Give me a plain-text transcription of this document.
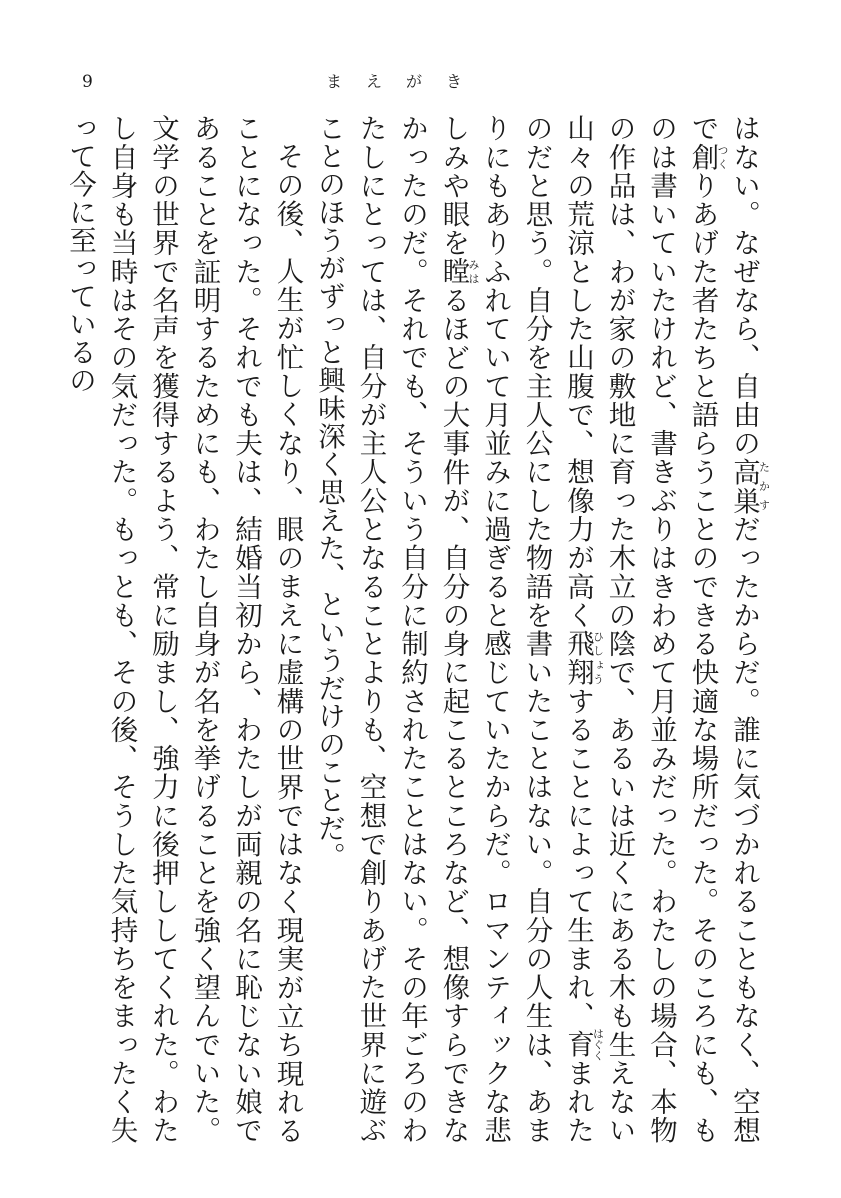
9	まえがき

はない。なぜなら、自由の高巣たかすだったからだ。誰に気づかれることもなく、空想で創つくりあげた者たちと語らうことのできる快適な場所だった。そのころにも、ものは書いていたけれど、書きぶりはきわめて月並みだった。わたしの場合、本物の作品は、わが家の敷地に育った木立の陰で、あるいは近くにある木も生えない山々の荒涼とした山腹で、想像力が高く飛翔ひしょうすることによって生まれ、育はぐくまれたのだと思う。自分を主人公にした物語を書いたことはない。自分の人生は、あまりにもありふれていて月並みに過ぎると感じていたからだ。ロマンティックな悲しみや眼を瞠みはるほどの大事件が、自分の身に起こるところなど、想像すらできなかったのだ。それでも、そういう自分に制約されたことはない。その年ごろのわたしにとっては、自分が主人公となることよりも、空想で創りあげた世界に遊ぶことのほうがずっと興味深く思えた、というだけのことだ。

その後、人生が忙しくなり、眼のまえに虚構の世界ではなく現実が立ち現れることになった。それでも夫は、結婚当初から、わたしが両親の名に恥じない娘であることを証明するためにも、わたし自身が名を挙げることを強く望んでいた。文学の世界で名声を獲得するよう、常に励まし、強力に後押ししてくれた。わたし自身も当時はその気だった。もっとも、その後、そうした気持ちをまったく失って今に至っているの
